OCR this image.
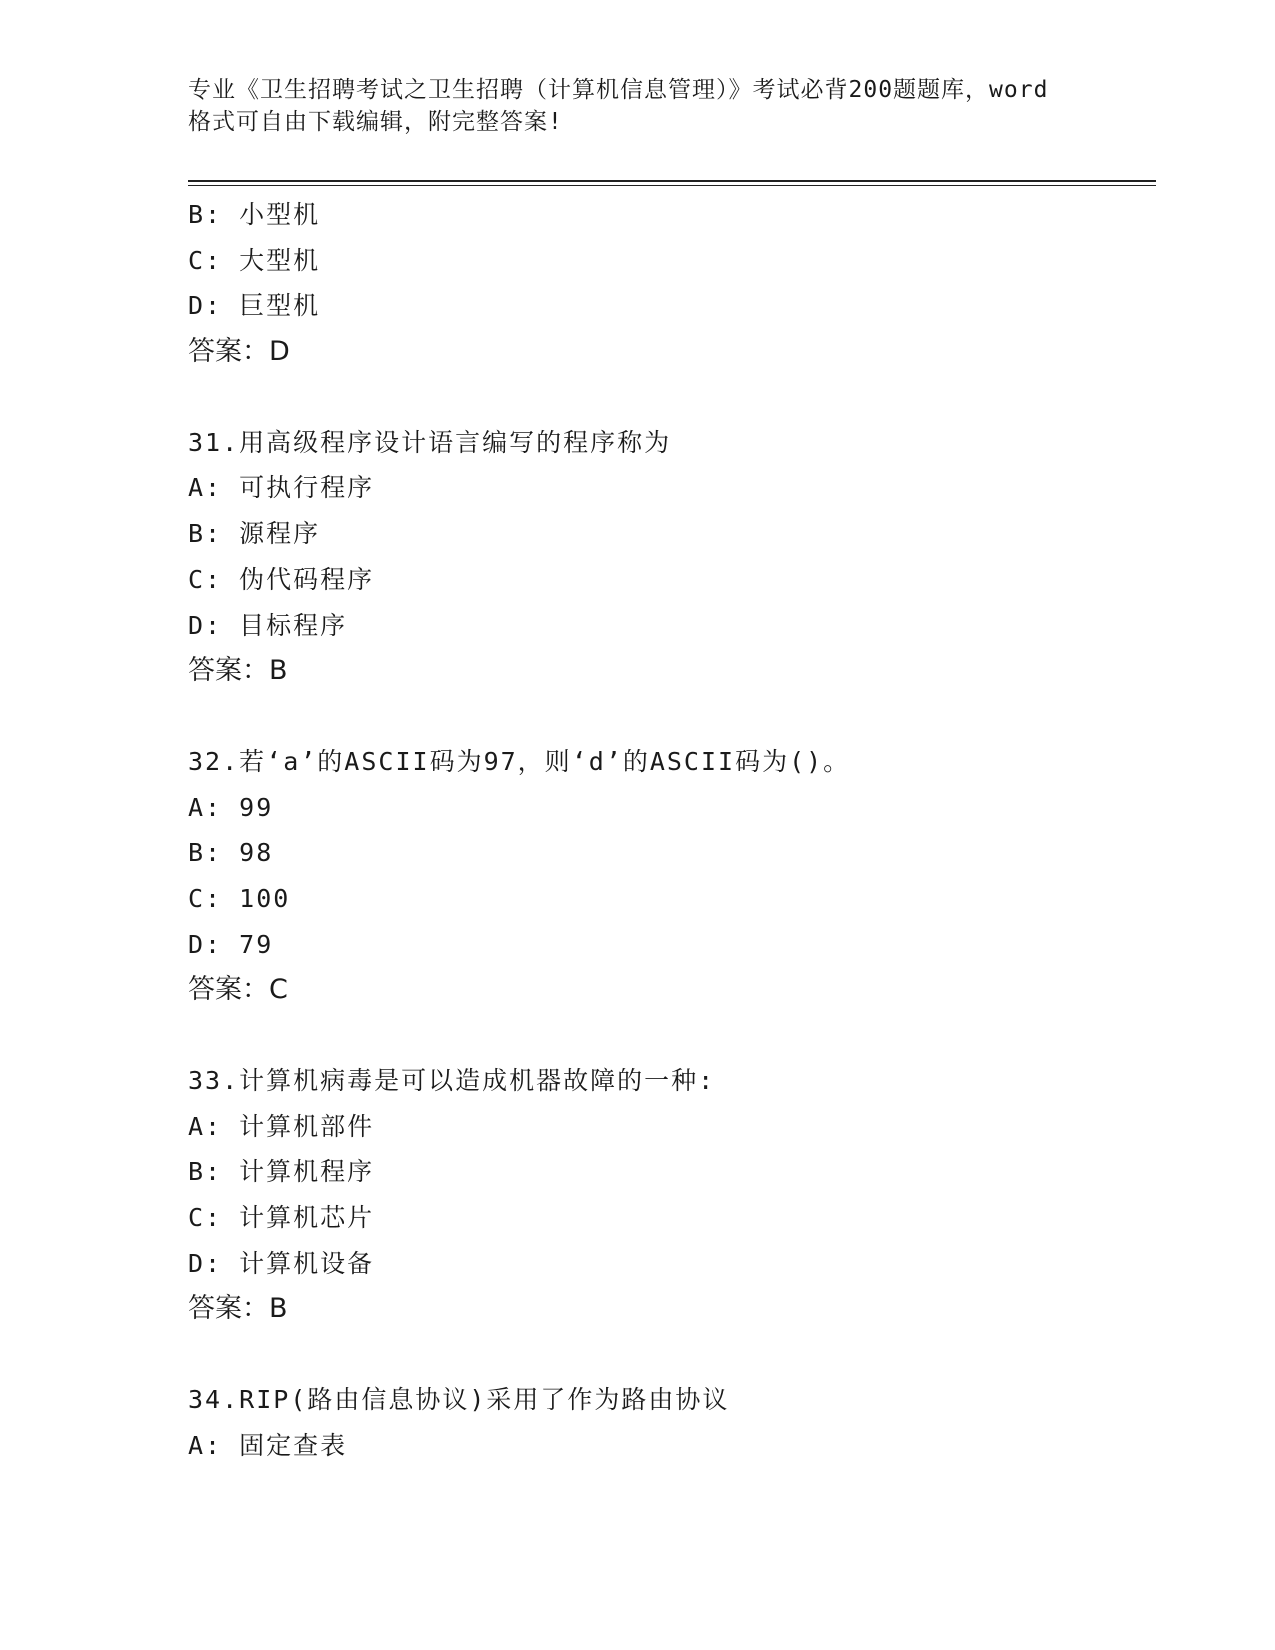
专业《卫生招聘考试之卫生招聘（计算机信息管理）》考试必背200题题库，word
格式可自由下载编辑，附完整答案!
B: 小型机
C: 大型机
D: 巨型机
答案：D
31.用高级程序设计语言编写的程序称为
A: 可执行程序
B: 源程序
C: 伪代码程序
D: 目标程序
答案：B
32.若‘a’的ASCII码为97，则‘d’的ASCII码为()。
A: 99
B: 98
C: 100
D: 79
答案：C
33.计算机病毒是可以造成机器故障的一种:
A: 计算机部件
B: 计算机程序
C: 计算机芯片
D: 计算机设备
答案：B
34.RIP(路由信息协议)采用了作为路由协议
A: 固定查表
